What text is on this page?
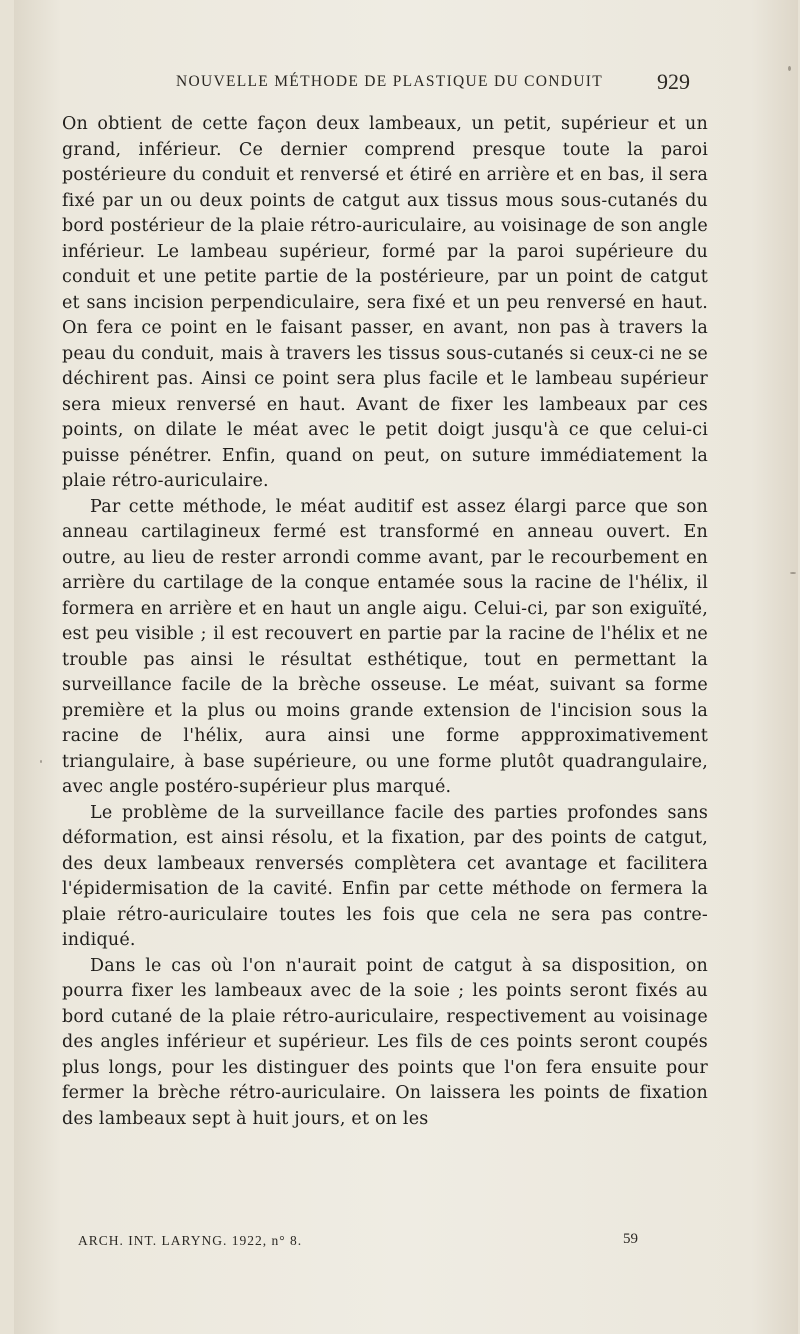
NOUVELLE MÉTHODE DE PLASTIQUE DU CONDUIT 929

On obtient de cette façon deux lambeaux, un petit, supérieur et un grand, inférieur. Ce dernier comprend presque toute la paroi postérieure du conduit et renversé et étiré en arrière et en bas, il sera fixé par un ou deux points de catgut aux tissus mous sous-cutanés du bord postérieur de la plaie rétro-auriculaire, au voisinage de son angle inférieur. Le lambeau supérieur, formé par la paroi supérieure du conduit et une petite partie de la postérieure, par un point de catgut et sans incision perpendiculaire, sera fixé et un peu renversé en haut. On fera ce point en le faisant passer, en avant, non pas à travers la peau du conduit, mais à travers les tissus sous-cutanés si ceux-ci ne se déchirent pas. Ainsi ce point sera plus facile et le lambeau supérieur sera mieux renversé en haut. Avant de fixer les lambeaux par ces points, on dilate le méat avec le petit doigt jusqu'à ce que celui-ci puisse pénétrer. Enfin, quand on peut, on suture immédiatement la plaie rétro-auriculaire.

Par cette méthode, le méat auditif est assez élargi parce que son anneau cartilagineux fermé est transformé en anneau ouvert. En outre, au lieu de rester arrondi comme avant, par le recourbement en arrière du cartilage de la conque entamée sous la racine de l'hélix, il formera en arrière et en haut un angle aigu. Celui-ci, par son exiguïté, est peu visible ; il est recouvert en partie par la racine de l'hélix et ne trouble pas ainsi le résultat esthétique, tout en permettant la surveillance facile de la brèche osseuse. Le méat, suivant sa forme première et la plus ou moins grande extension de l'incision sous la racine de l'hélix, aura ainsi une forme appproximativement triangulaire, à base supérieure, ou une forme plutôt quadrangulaire, avec angle postéro-supérieur plus marqué.

Le problème de la surveillance facile des parties profondes sans déformation, est ainsi résolu, et la fixation, par des points de catgut, des deux lambeaux renversés complètera cet avantage et facilitera l'épidermisation de la cavité. Enfin par cette méthode on fermera la plaie rétro-auriculaire toutes les fois que cela ne sera pas contre-indiqué.

Dans le cas où l'on n'aurait point de catgut à sa disposition, on pourra fixer les lambeaux avec de la soie ; les points seront fixés au bord cutané de la plaie rétro-auriculaire, respectivement au voisinage des angles inférieur et supérieur. Les fils de ces points seront coupés plus longs, pour les distinguer des points que l'on fera ensuite pour fermer la brèche rétro-auriculaire. On laissera les points de fixation des lambeaux sept à huit jours, et on les

ARCH. INT. LARYNG. 1922, n° 8.	59
